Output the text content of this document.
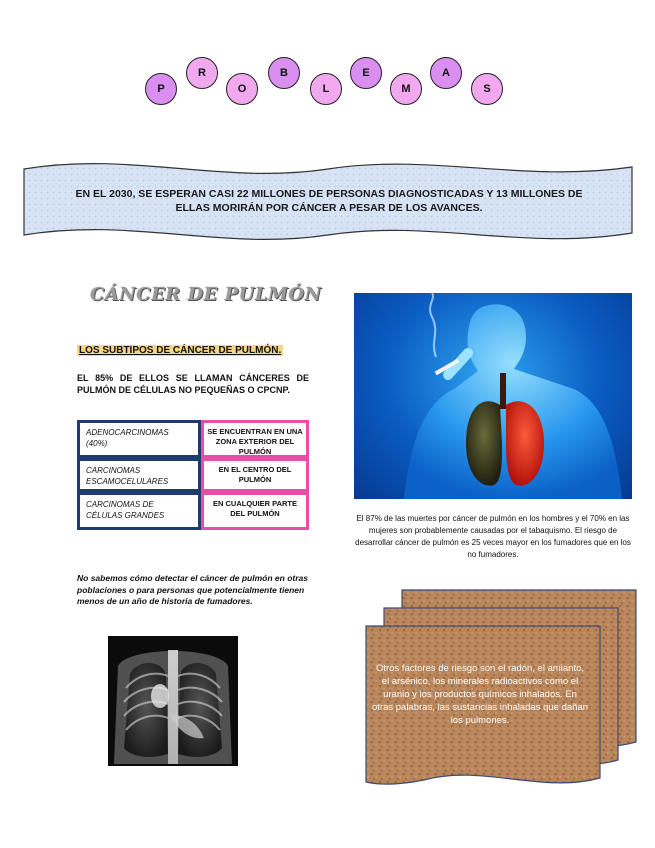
P
R
O
B
L
E
M
A
S
EN EL 2030, SE ESPERAN CASI 22 MILLONES DE PERSONAS DIAGNOSTICADAS Y 13 MILLONES DE ELLAS MORIRÁN POR CÁNCER A PESAR DE LOS AVANCES.
CÁNCER DE PULMÓN
LOS SUBTIPOS DE CÁNCER DE PULMÓN.
EL 85% DE ELLOS SE LLAMAN CÁNCERES DE PULMÓN DE CÉLULAS NO PEQUEÑAS O CPCNP.
ADENOCARCINOMAS (40%)
SE ENCUENTRAN EN UNA ZONA EXTERIOR DEL PULMÓN
CARCINOMAS ESCAMOCELULARES
EN EL CENTRO DEL PULMÓN
CARCINOMAS DE CÉLULAS GRANDES
EN CUALQUIER PARTE DEL PULMÓN
No sabemos cómo detectar el cáncer de pulmón en otras poblaciones o para personas que potencialmente tienen menos de un año de historia de fumadores.
El 87% de las muertes por cáncer de pulmón en los hombres y el 70% en las mujeres son probablemente causadas por el tabaquismo. El riesgo de desarrollar cáncer de pulmón es 25 veces mayor en los fumadores que en los no fumadores.
Otros factores de riesgo son el radón, el amianto, el arsénico, los minerales radioactivos como el uranio y los productos químicos inhalados. En otras palabras, las sustancias inhaladas que dañan los pulmones.
